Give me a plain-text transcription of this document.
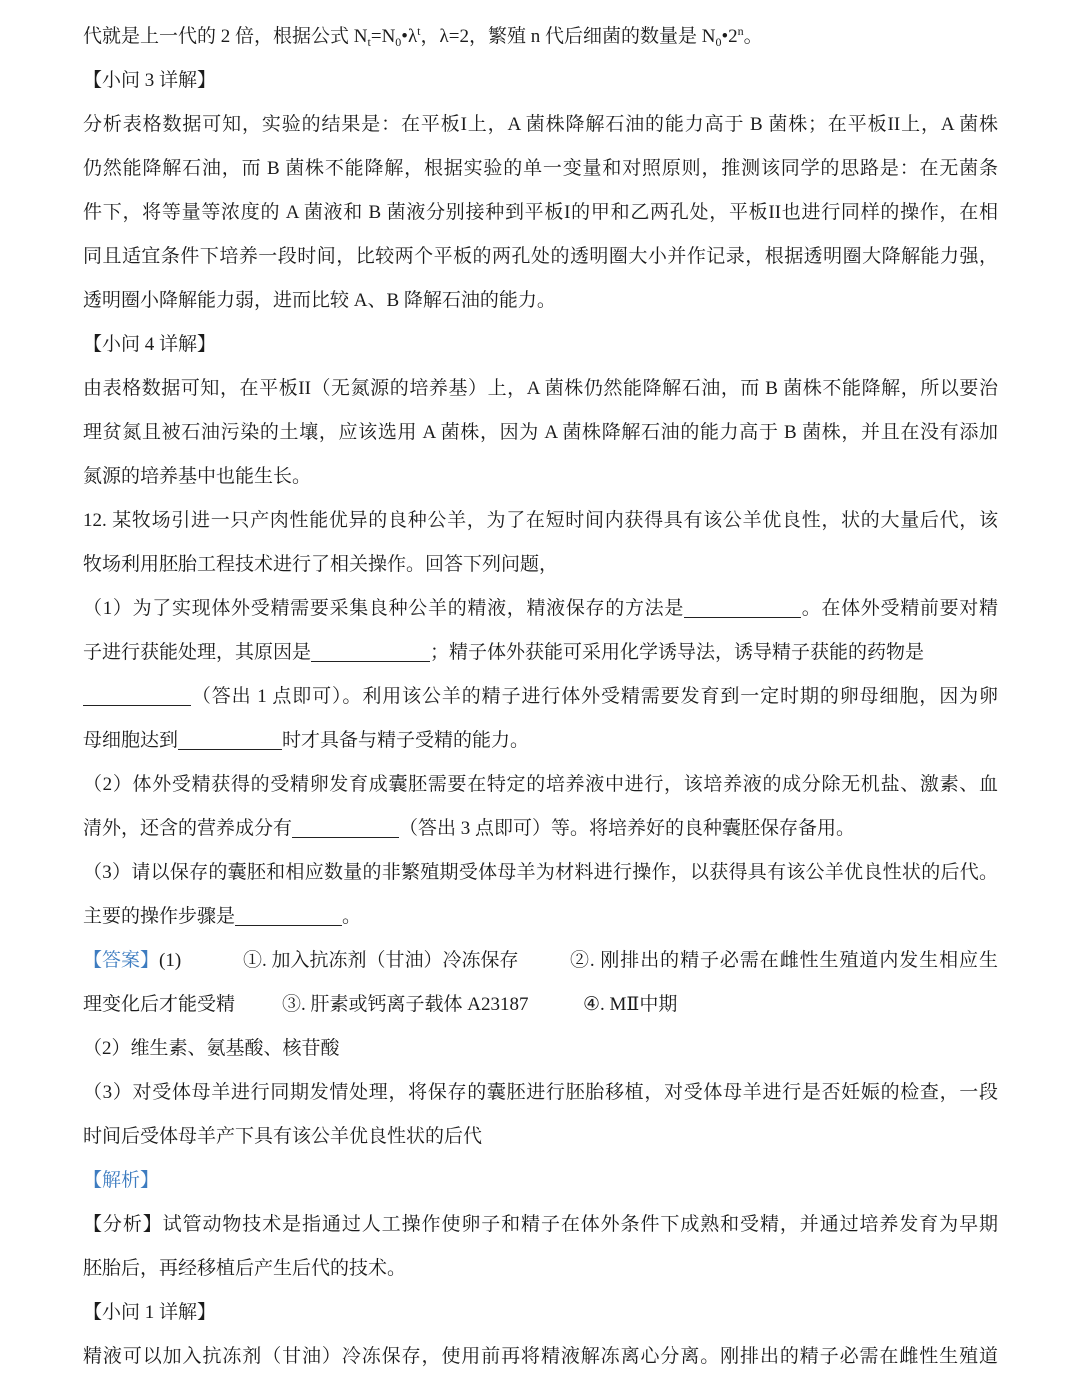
代就是上一代的 2 倍，根据公式 $N_t=N_0•\lambda^t$，λ=2，繁殖 n 代后细菌的数量是 $N_0•2^n$。
【小问 3 详解】
分析表格数据可知，实验的结果是：在平板I上，A 菌株降解石油的能力高于 B 菌株；在平板II上，A 菌株
仍然能降解石油，而 B 菌株不能降解，根据实验的单一变量和对照原则，推测该同学的思路是：在无菌条
件下，将等量等浓度的 A 菌液和 B 菌液分别接种到平板I的甲和乙两孔处，平板II也进行同样的操作，在相
同且适宜条件下培养一段时间，比较两个平板的两孔处的透明圈大小并作记录，根据透明圈大降解能力强，
透明圈小降解能力弱，进而比较 A、B 降解石油的能力。
【小问 4 详解】
由表格数据可知，在平板II（无氮源的培养基）上，A 菌株仍然能降解石油，而 B 菌株不能降解，所以要治
理贫氮且被石油污染的土壤，应该选用 A 菌株，因为 A 菌株降解石油的能力高于 B 菌株，并且在没有添加
氮源的培养基中也能生长。
12. 某牧场引进一只产肉性能优异的良种公羊，为了在短时间内获得具有该公羊优良性，状的大量后代，该
牧场利用胚胎工程技术进行了相关操作。回答下列问题，
（1）为了实现体外受精需要采集良种公羊的精液，精液保存的方法是	。在体外受精前要对精
子进行获能处理，其原因是	；精子体外获能可采用化学诱导法，诱导精子获能的药物是
（答出 1 点即可）。利用该公羊的精子进行体外受精需要发育到一定时期的卵母细胞，因为卵
母细胞达到	时才具备与精子受精的能力。
（2）体外受精获得的受精卵发育成囊胚需要在特定的培养液中进行，该培养液的成分除无机盐、激素、血
清外，还含的营养成分有	（答出 3 点即可）等。将培养好的良种囊胚保存备用。
（3）请以保存的囊胚和相应数量的非繁殖期受体母羊为材料进行操作，以获得具有该公羊优良性状的后代。
主要的操作步骤是	。
【答案】(1)	①. 加入抗冻剂（甘油）冷冻保存	②. 刚排出的精子必需在雌性生殖道内发生相应生
理变化后才能受精 ③. 肝素或钙离子载体 A23187	④. MⅡ中期
（2）维生素、氨基酸、核苷酸
（3）对受体母羊进行同期发情处理，将保存的囊胚进行胚胎移植，对受体母羊进行是否妊娠的检查，一段
时间后受体母羊产下具有该公羊优良性状的后代
【解析】
【分析】试管动物技术是指通过人工操作使卵子和精子在体外条件下成熟和受精，并通过培养发育为早期
胚胎后，再经移植后产生后代的技术。
【小问 1 详解】
精液可以加入抗冻剂（甘油）冷冻保存，使用前再将精液解冻离心分离。刚排出的精子必需在雌性生殖道
